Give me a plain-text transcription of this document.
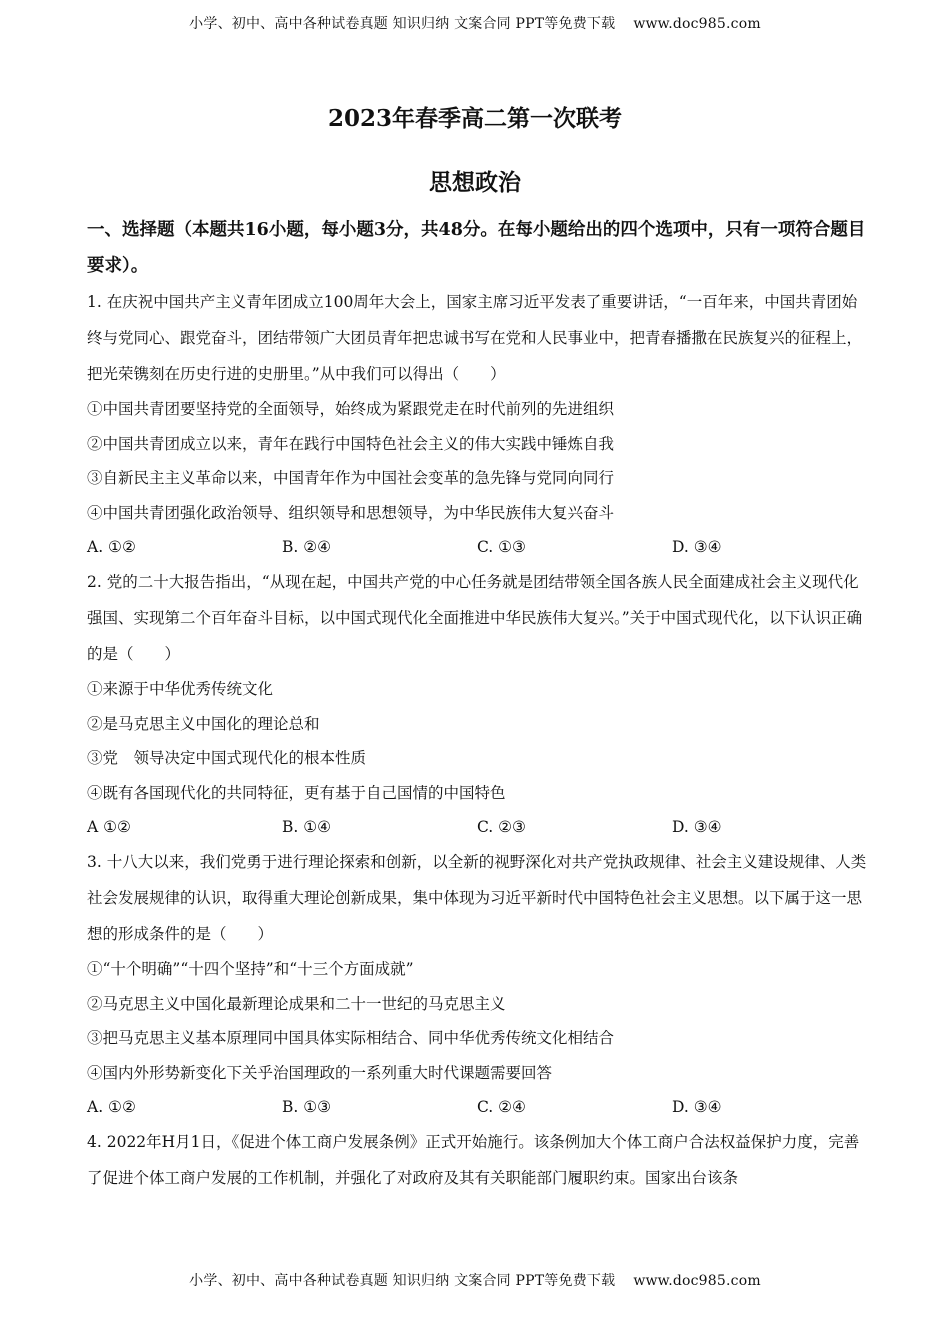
小学、初中、高中各种试卷真题 知识归纳 文案合同 PPT等免费下载 www.doc985.com
2023年春季高二第一次联考
思想政治

一、选择题（本题共16小题，每小题3分，共48分。在每小题给出的四个选项中，只有一项符合题目要求）。

1. 在庆祝中国共产主义青年团成立100周年大会上，国家主席习近平发表了重要讲话，“一百年来，中国共青团始终与党同心、跟党奋斗，团结带领广大团员青年把忠诚书写在党和人民事业中，把青春播撒在民族复兴的征程上，把光荣镌刻在历史行进的史册里。”从中我们可以得出（　　）

①中国共青团要坚持党的全面领导，始终成为紧跟党走在时代前列的先进组织

②中国共青团成立以来，青年在践行中国特色社会主义的伟大实践中锤炼自我

③自新民主主义革命以来，中国青年作为中国社会变革的急先锋与党同向同行

④中国共青团强化政治领导、组织领导和思想领导，为中华民族伟大复兴奋斗

A. ①②	B. ②④	C. ①③	D. ③④

2. 党的二十大报告指出，“从现在起，中国共产党的中心任务就是团结带领全国各族人民全面建成社会主义现代化强国、实现第二个百年奋斗目标，以中国式现代化全面推进中华民族伟大复兴。”关于中国式现代化，以下认识正确的是（　　）

①来源于中华优秀传统文化

②是马克思主义中国化的理论总和

③党　领导决定中国式现代化的根本性质

④既有各国现代化的共同特征，更有基于自己国情的中国特色

A ①②	B. ①④	C. ②③	D. ③④

3. 十八大以来，我们党勇于进行理论探索和创新，以全新的视野深化对共产党执政规律、社会主义建设规律、人类社会发展规律的认识，取得重大理论创新成果，集中体现为习近平新时代中国特色社会主义思想。以下属于这一思想的形成条件的是（　　）

①“十个明确”“十四个坚持”和“十三个方面成就”

②马克思主义中国化最新理论成果和二十一世纪的马克思主义

③把马克思主义基本原理同中国具体实际相结合、同中华优秀传统文化相结合

④国内外形势新变化下关乎治国理政的一系列重大时代课题需要回答

A. ①②	B. ①③	C. ②④	D. ③④

4. 2022年H月1日，《促进个体工商户发展条例》正式开始施行。该条例加大个体工商户合法权益保护力度，完善了促进个体工商户发展的工作机制，并强化了对政府及其有关职能部门履职约束。国家出台该条

小学、初中、高中各种试卷真题 知识归纳 文案合同 PPT等免费下载 www.doc985.com
